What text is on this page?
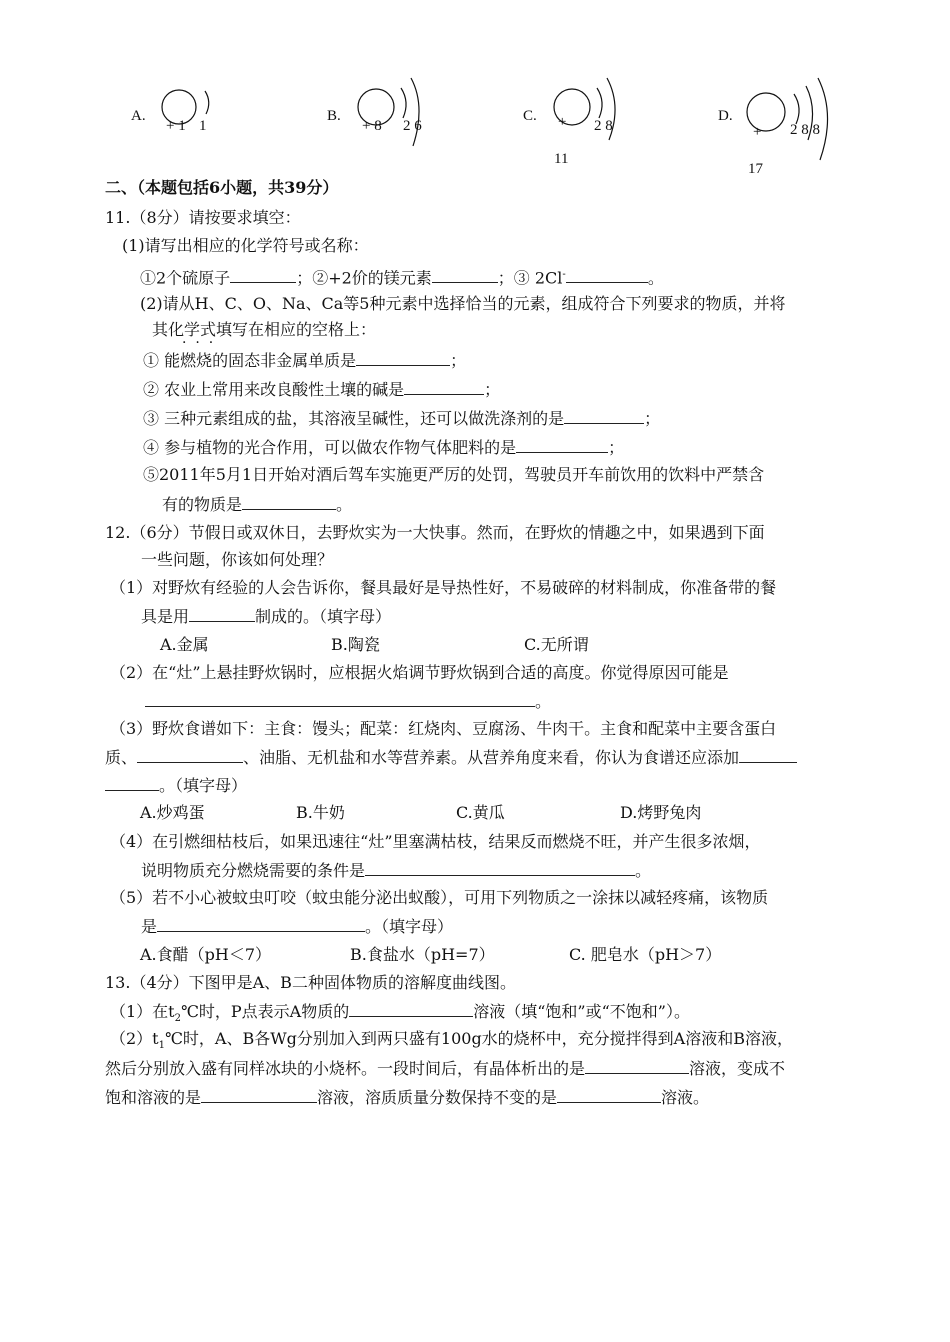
A.
+ 1 1
B.
+ 8 2 6
C. + 2 8
11
D.
+ 2 8 8
17
二、（本题包括6小题，共39分）
11.（8分）请按要求填空：
(1)请写出相应的化学符号或名称：
①2个硫原子	；②+2价的镁元素	；③ 2Cl-	。
(2)请从H、C、O、Na、Ca等5种元素中选择恰当的元素，组成符合下列要求的物质，并将
其化学式填写在相应的空格上：
·  ·  ·
① 能燃烧的固态非金属单质是	；
② 农业上常用来改良酸性土壤的碱是	；
③ 三种元素组成的盐，其溶液呈碱性，还可以做洗涤剂的是	；
④ 参与植物的光合作用，可以做农作物气体肥料的是	；
⑤2011年5月1日开始对酒后驾车实施更严厉的处罚，驾驶员开车前饮用的饮料中严禁含
有的物质是	。
12.（6分）节假日或双休日，去野炊实为一大快事。然而，在野炊的情趣之中，如果遇到下面
一些问题，你该如何处理？
（1）对野炊有经验的人会告诉你，餐具最好是导热性好，不易破碎的材料制成，你准备带的餐
具是用	制成的。（填字母）
A.金属	B.陶瓷	C.无所谓
（2）在“灶”上悬挂野炊锅时，应根据火焰调节野炊锅到合适的高度。你觉得原因可能是
。
（3）野炊食谱如下：主食：馒头；配菜：红烧肉、豆腐汤、牛肉干。主食和配菜中主要含蛋白
质、	、油脂、无机盐和水等营养素。从营养角度来看，你认为食谱还应添加
。（填字母）
A.炒鸡蛋	B.牛奶	C.黄瓜	D.烤野兔肉
（4）在引燃细枯枝后，如果迅速往“灶”里塞满枯枝，结果反而燃烧不旺，并产生很多浓烟，
说明物质充分燃烧需要的条件是	。
（5）若不小心被蚊虫叮咬（蚊虫能分泌出蚁酸），可用下列物质之一涂抹以减轻疼痛，该物质
是	。（填字母）
A.食醋（pH＜7）	B.食盐水（pH=7）	C. 肥皂水（pH＞7）
13.（4分）下图甲是A、B二种固体物质的溶解度曲线图。
（1）在$t_2℃$时，P点表示A物质的	溶液（填“饱和”或“不饱和”）。
$(2)t_1℃$时，A、B各Wg分别加入到两只盛有100g水的烧杯中，充分搅拌得到A溶液和B溶液，
然后分别放入盛有同样冰块的小烧杯。一段时间后，有晶体析出的是	溶液，变成不
饱和溶液的是	溶液，溶质质量分数保持不变的是	溶液。
